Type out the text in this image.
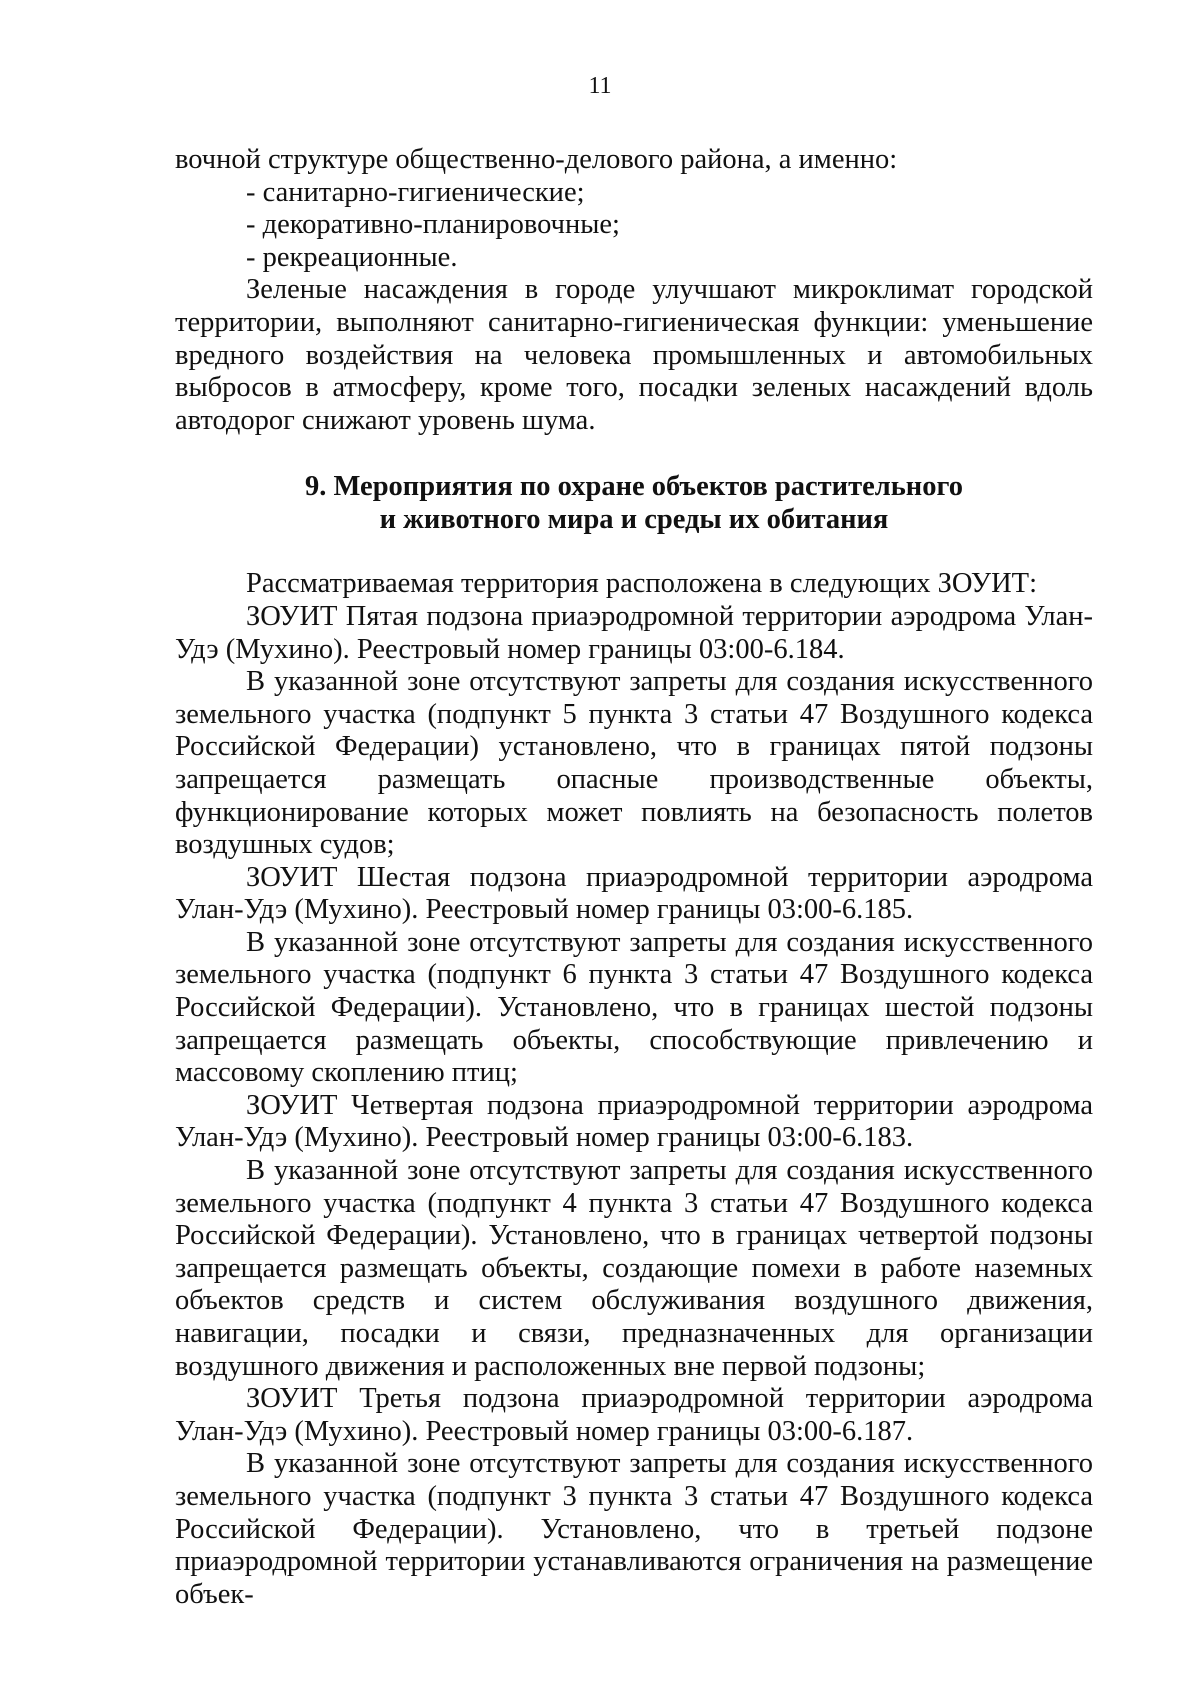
11

вочной структуре общественно-делового района, а именно:

- санитарно-гигиенические;

- декоративно-планировочные;

- рекреационные.

Зеленые насаждения в городе улучшают микроклимат городской территории, выполняют санитарно-гигиеническая функции: уменьшение вредного воздействия на человека промышленных и автомобильных выбросов в атмосферу, кроме того, посадки зеленых насаждений вдоль автодорог снижают уровень шума.

9. Мероприятия по охране объектов растительного
и животного мира и среды их обитания

Рассматриваемая территория расположена в следующих ЗОУИТ:

ЗОУИТ Пятая подзона приаэродромной территории аэродрома Улан-Удэ (Мухино). Реестровый номер границы 03:00-6.184.

В указанной зоне отсутствуют запреты для создания искусственного земельного участка (подпункт 5 пункта 3 статьи 47 Воздушного кодекса Российской Федерации) установлено, что в границах пятой подзоны запрещается размещать опасные производственные объекты, функционирование которых может повлиять на безопасность полетов воздушных судов;

ЗОУИТ Шестая подзона приаэродромной территории аэродрома Улан-Удэ (Мухино). Реестровый номер границы 03:00-6.185.

В указанной зоне отсутствуют запреты для создания искусственного земельного участка (подпункт 6 пункта 3 статьи 47 Воздушного кодекса Российской Федерации). Установлено, что в границах шестой подзоны запрещается размещать объекты, способствующие привлечению и массовому скоплению птиц;

ЗОУИТ Четвертая подзона приаэродромной территории аэродрома Улан-Удэ (Мухино). Реестровый номер границы 03:00-6.183.

В указанной зоне отсутствуют запреты для создания искусственного земельного участка (подпункт 4 пункта 3 статьи 47 Воздушного кодекса Российской Федерации). Установлено, что в границах четвертой подзоны запрещается размещать объекты, создающие помехи в работе наземных объектов средств и систем обслуживания воздушного движения, навигации, посадки и связи, предназначенных для организации воздушного движения и расположенных вне первой подзоны;

ЗОУИТ Третья подзона приаэродромной территории аэродрома Улан-Удэ (Мухино). Реестровый номер границы 03:00-6.187.

В указанной зоне отсутствуют запреты для создания искусственного земельного участка (подпункт 3 пункта 3 статьи 47 Воздушного кодекса Российской Федерации). Установлено, что в третьей подзоне приаэродромной территории устанавливаются ограничения на размещение объек-
